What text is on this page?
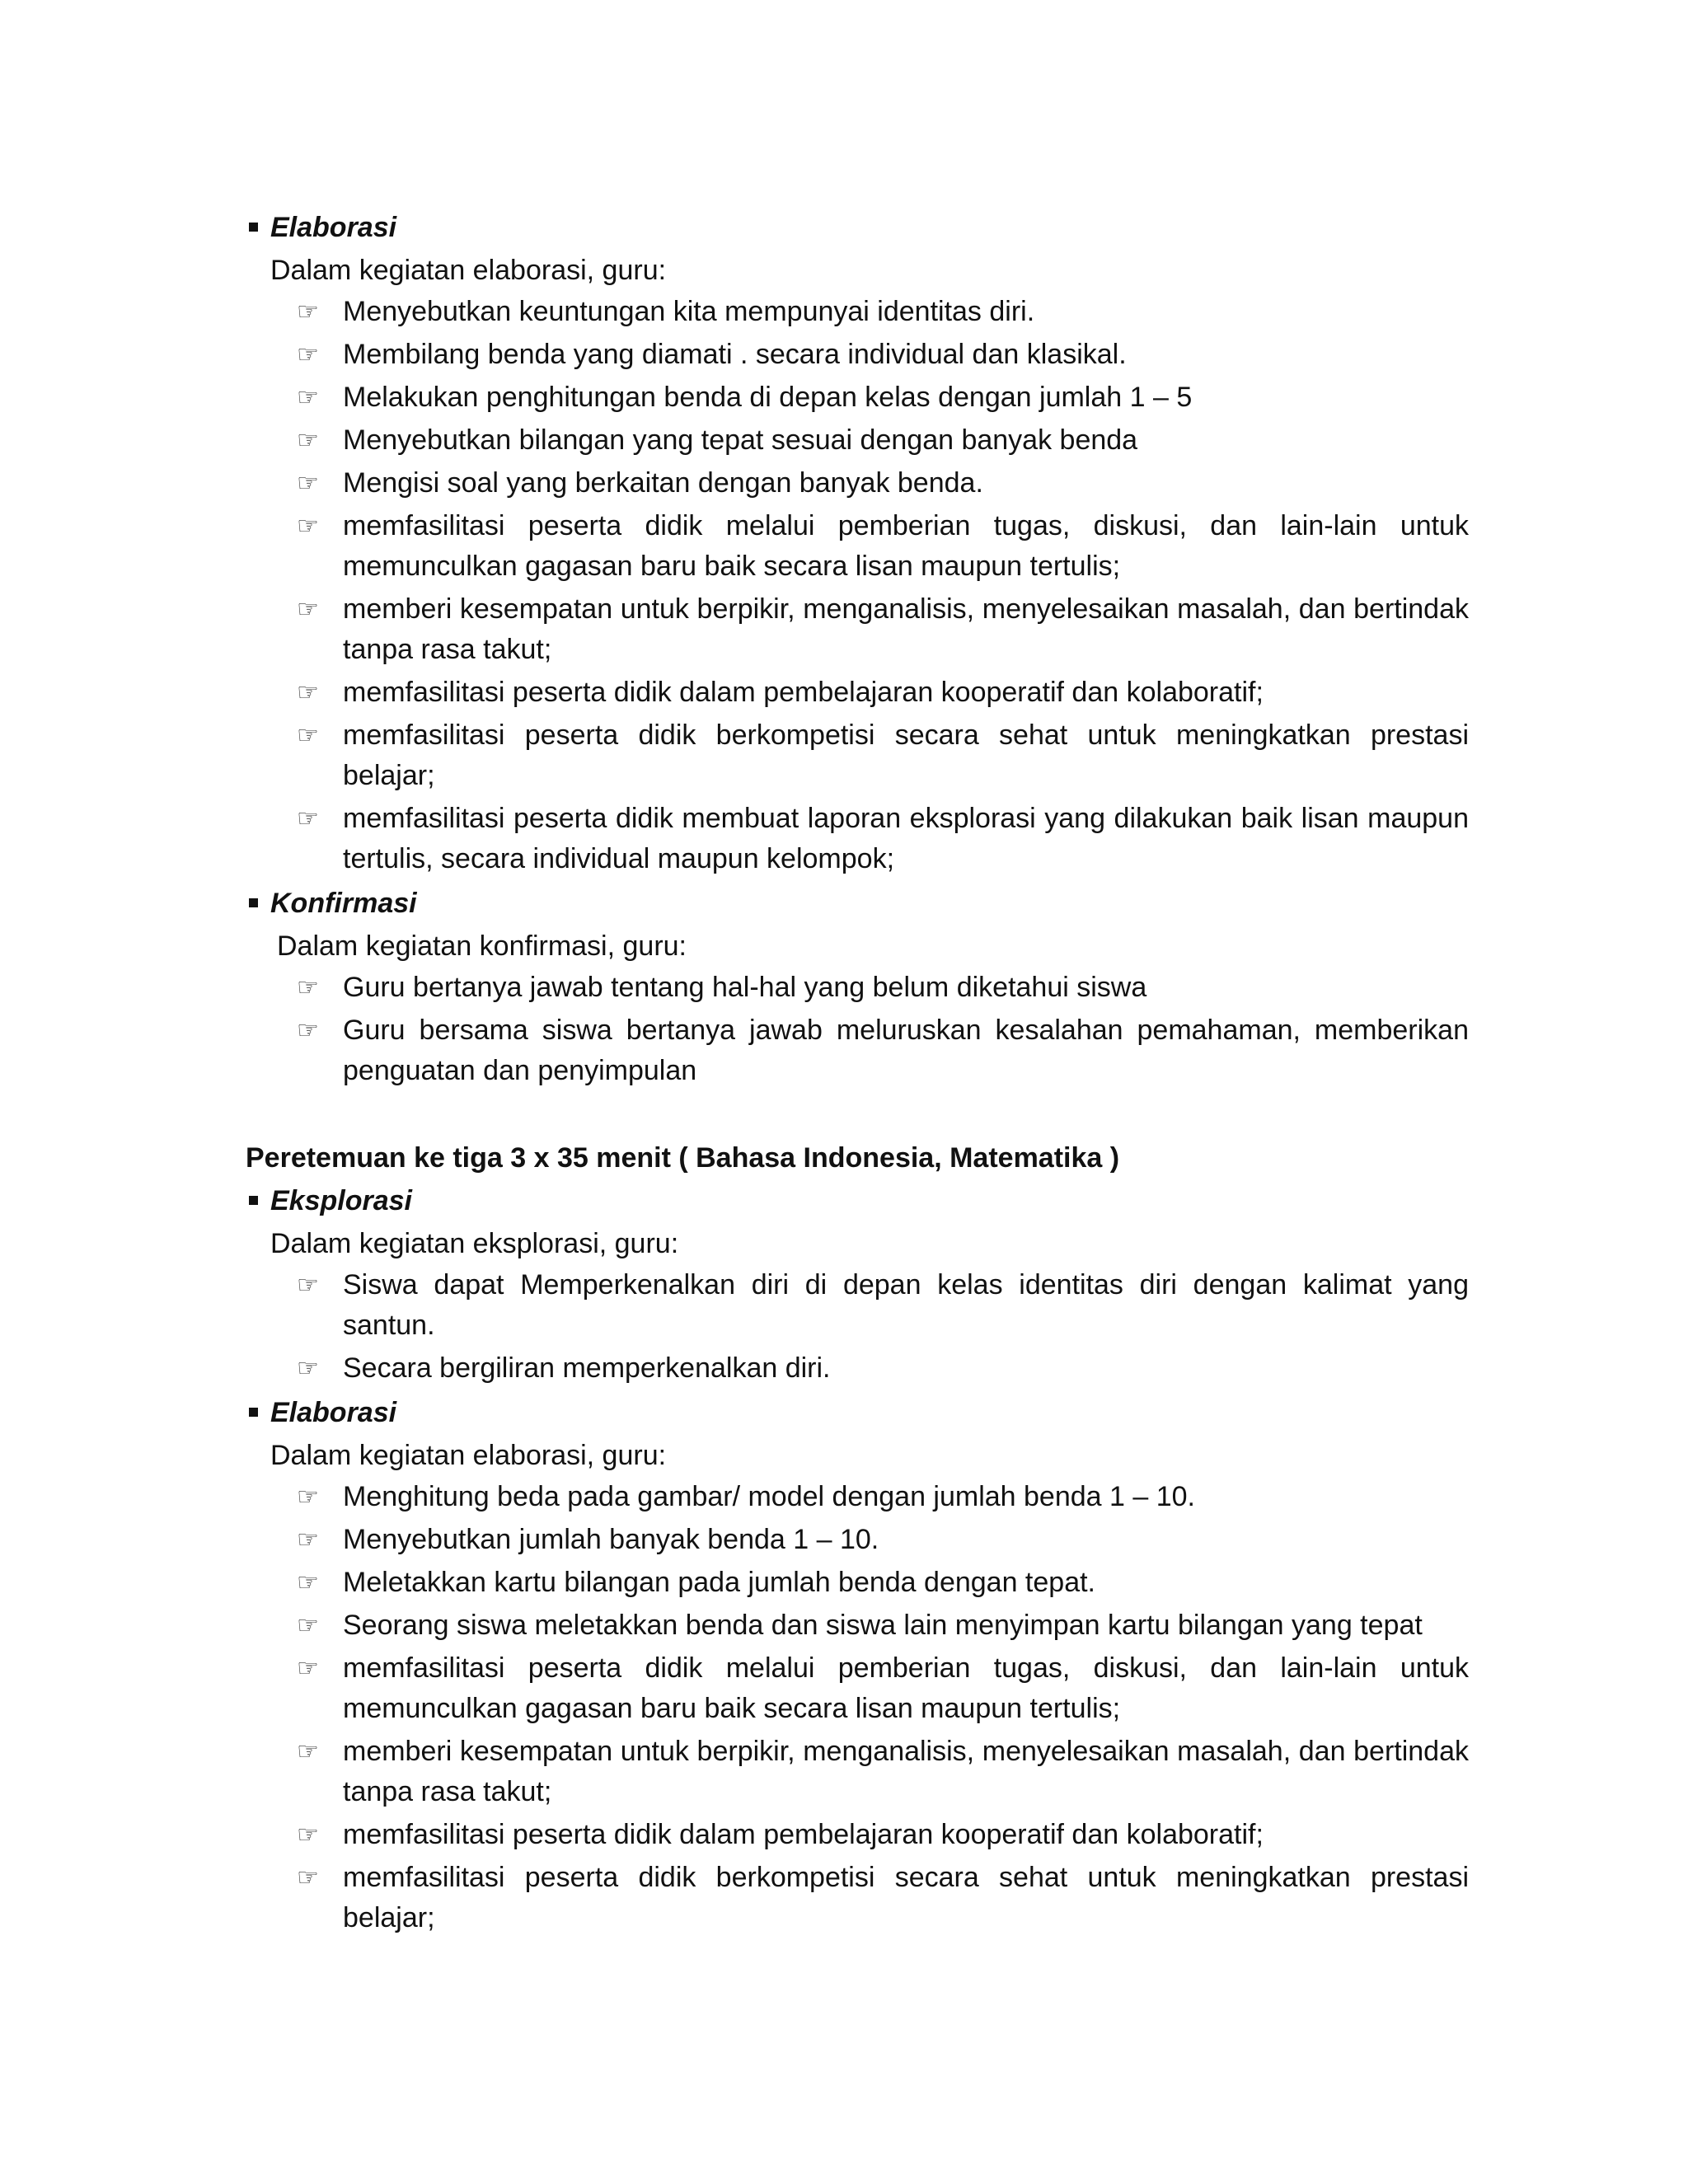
Elaborasi
Dalam kegiatan elaborasi, guru:
☞ Menyebutkan keuntungan kita mempunyai identitas diri.
☞ Membilang benda yang diamati . secara individual dan klasikal.
☞ Melakukan penghitungan benda di depan kelas dengan jumlah 1 – 5
☞ Menyebutkan bilangan yang tepat sesuai dengan banyak benda
☞ Mengisi soal yang berkaitan dengan banyak benda.
☞ memfasilitasi peserta didik melalui pemberian tugas, diskusi, dan lain-lain untuk memunculkan gagasan baru baik secara lisan maupun tertulis;
☞ memberi kesempatan untuk berpikir, menganalisis, menyelesaikan masalah, dan bertindak tanpa rasa takut;
☞ memfasilitasi peserta didik dalam pembelajaran kooperatif dan kolaboratif;
☞ memfasilitasi peserta didik berkompetisi secara sehat untuk meningkatkan prestasi belajar;
☞ memfasilitasi peserta didik membuat laporan eksplorasi yang dilakukan baik lisan maupun tertulis, secara individual maupun kelompok;
Konfirmasi
Dalam kegiatan konfirmasi, guru:
☞ Guru bertanya jawab tentang hal-hal yang belum diketahui siswa
☞ Guru bersama siswa bertanya jawab meluruskan kesalahan pemahaman, memberikan penguatan dan penyimpulan
Peretemuan ke tiga 3 x 35 menit ( Bahasa Indonesia, Matematika )
Eksplorasi
Dalam kegiatan eksplorasi, guru:
☞ Siswa dapat Memperkenalkan diri di depan kelas identitas diri dengan kalimat yang santun.
☞ Secara bergiliran memperkenalkan diri.
Elaborasi
Dalam kegiatan elaborasi, guru:
☞ Menghitung beda pada gambar/ model dengan jumlah benda 1 – 10.
☞ Menyebutkan jumlah banyak benda 1 – 10.
☞ Meletakkan kartu bilangan pada jumlah benda dengan tepat.
☞ Seorang siswa meletakkan benda dan siswa lain menyimpan kartu bilangan yang tepat
☞ memfasilitasi peserta didik melalui pemberian tugas, diskusi, dan lain-lain untuk memunculkan gagasan baru baik secara lisan maupun tertulis;
☞ memberi kesempatan untuk berpikir, menganalisis, menyelesaikan masalah, dan bertindak tanpa rasa takut;
☞ memfasilitasi peserta didik dalam pembelajaran kooperatif dan kolaboratif;
☞ memfasilitasi peserta didik berkompetisi secara sehat untuk meningkatkan prestasi belajar;
